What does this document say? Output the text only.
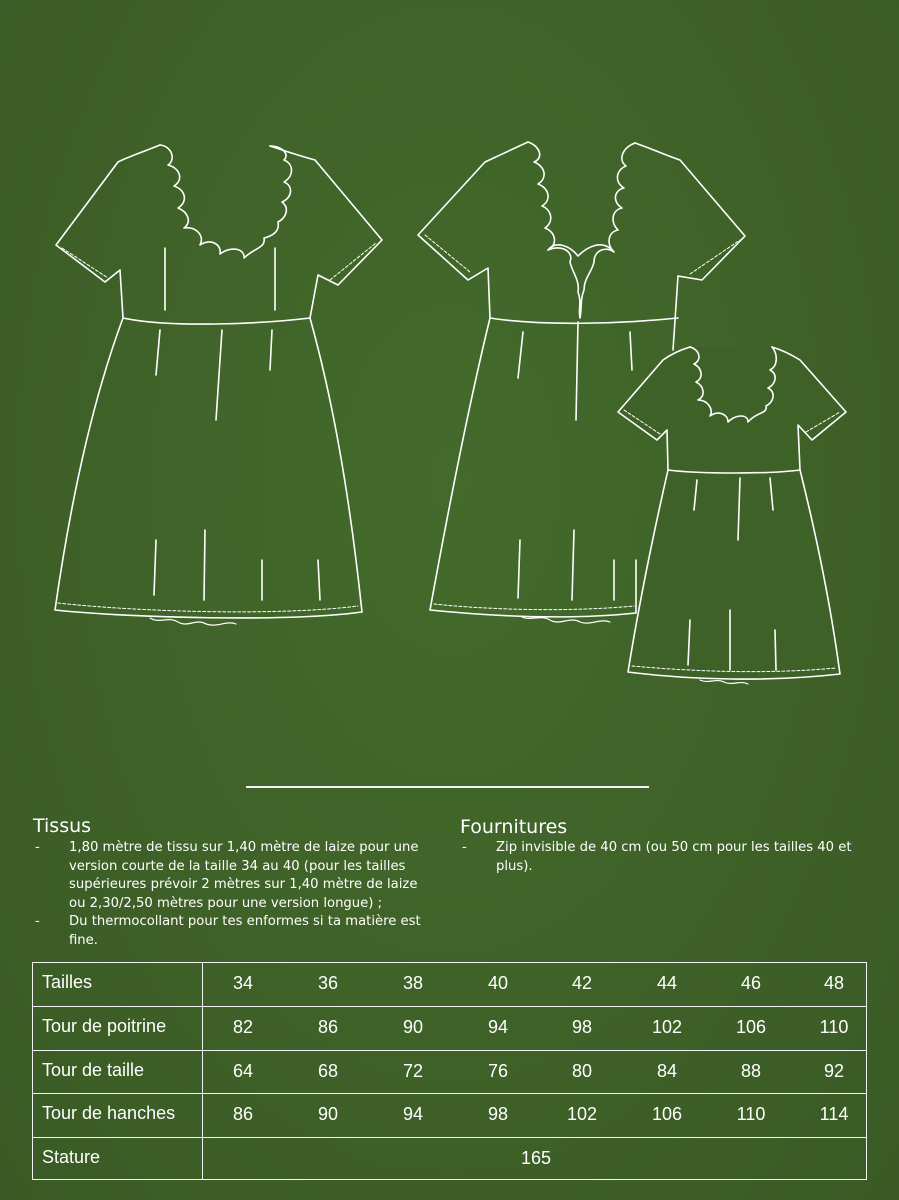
Tissus
- 1,80 mètre de tissu sur 1,40 mètre de laize pour une version courte de la taille 34 au 40 (pour les tailles supérieures prévoir 2 mètres sur 1,40 mètre de laize ou 2,30/2,50 mètres pour une version longue) ;
- Du thermocollant pour tes enformes si ta matière est fine.
Fournitures
- Zip invisible de 40 cm (ou 50 cm pour les tailles 40 et plus).
Tailles	34	36	38	40	42	44	46	48
Tour de poitrine	82	86	90	94	98	102	106	110
Tour de taille	64	68	72	76	80	84	88	92
Tour de hanches	86	90	94	98	102	106	110	114
Stature	165
